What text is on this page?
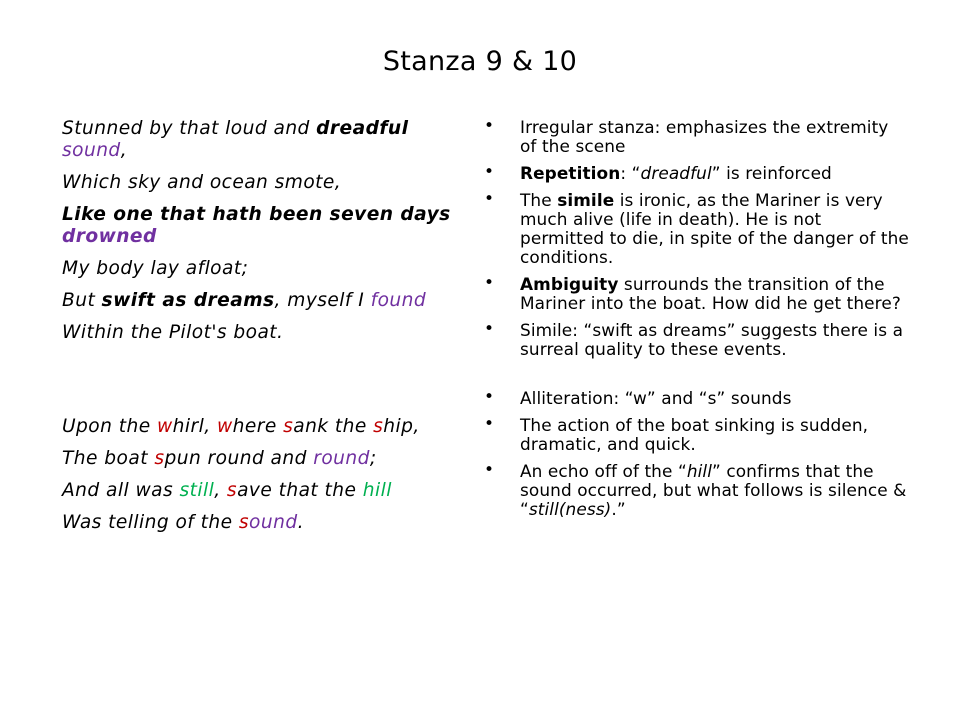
Stanza 9 & 10
Stunned by that loud and dreadful sound,
Which sky and ocean smote,
Like one that hath been seven days drowned
My body lay afloat;
But swift as dreams, myself I found
Within the Pilot's boat.
Upon the whirl, where sank the ship,
The boat spun round and round;
And all was still, save that the hill
Was telling of the sound.
• Irregular stanza: emphasizes the extremity of the scene
• Repetition: “dreadful” is reinforced
• The simile is ironic, as the Mariner is very much alive (life in death). He is not permitted to die, in spite of the danger of the conditions.
• Ambiguity surrounds the transition of the Mariner into the boat. How did he get there?
• Simile: “swift as dreams” suggests there is a surreal quality to these events.
• Alliteration: “w” and “s” sounds
• The action of the boat sinking is sudden, dramatic, and quick.
• An echo off of the “hill” confirms that the sound occurred, but what follows is silence & “still(ness).”
